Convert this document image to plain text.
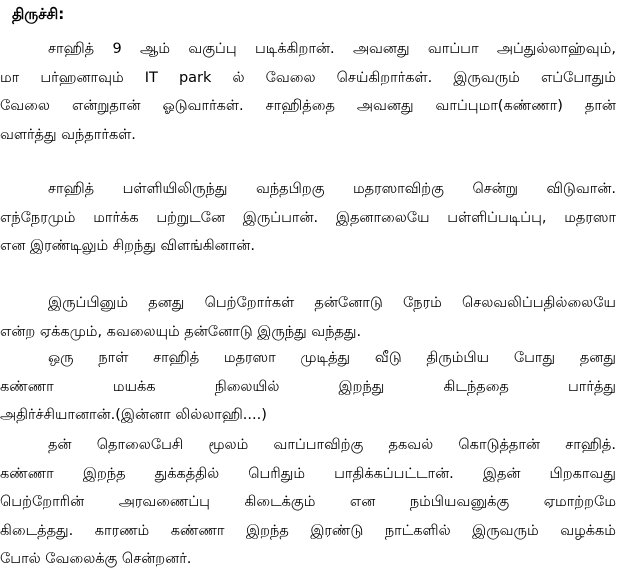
திருச்சி:
சாஹித் 9 ஆம் வகுப்பு படிக்கிறான். அவனது வாப்பா அப்துல்லாஹ்வும்,
மா பர்ஹனாவும் IT park ல் வேலை செய்கிறார்கள். இருவரும் எப்போதும்
வேலை என்றுதான் ஓடுவார்கள். சாஹித்தை அவனது வாப்புமா(கண்ணா) தான்
வளர்த்து வந்தார்கள்.
சாஹித் பள்ளியிலிருந்து வந்தபிறகு மதரஸாவிற்கு சென்று விடுவான்.
எந்நேரமும் மார்க்க பற்றுடனே இருப்பான். இதனாலையே பள்ளிப்படிப்பு, மதரஸா
என இரண்டிலும் சிறந்து விளங்கினான்.
இருப்பினும் தனது பெற்றோர்கள் தன்னோடு நேரம் செலவலிப்பதில்லையே
என்ற ஏக்கமும், கவலையும் தன்னோடு இருந்து வந்தது.
ஒரு நாள் சாஹித் மதரஸா முடித்து வீடு திரும்பிய போது தனது
கண்ணா	மயக்க	நிலையில்	இறந்து	கிடந்ததை	பார்த்து
அதிர்ச்சியானான்.(இன்னா லில்லாஹி....)
தன் தொலைபேசி மூலம் வாப்பாவிற்கு தகவல் கொடுத்தான் சாஹித்.
கண்ணா இறந்த துக்கத்தில் பெரிதும் பாதிக்கப்பட்டான். இதன் பிறகாவது
பெற்றோரின் அரவணைப்பு கிடைக்கும் என நம்பியவனுக்கு ஏமாற்றமே
கிடைத்தது. காரணம் கண்ணா இறந்த இரண்டு நாட்களில் இருவரும் வழக்கம்
போல் வேலைக்கு சென்றனர்.
